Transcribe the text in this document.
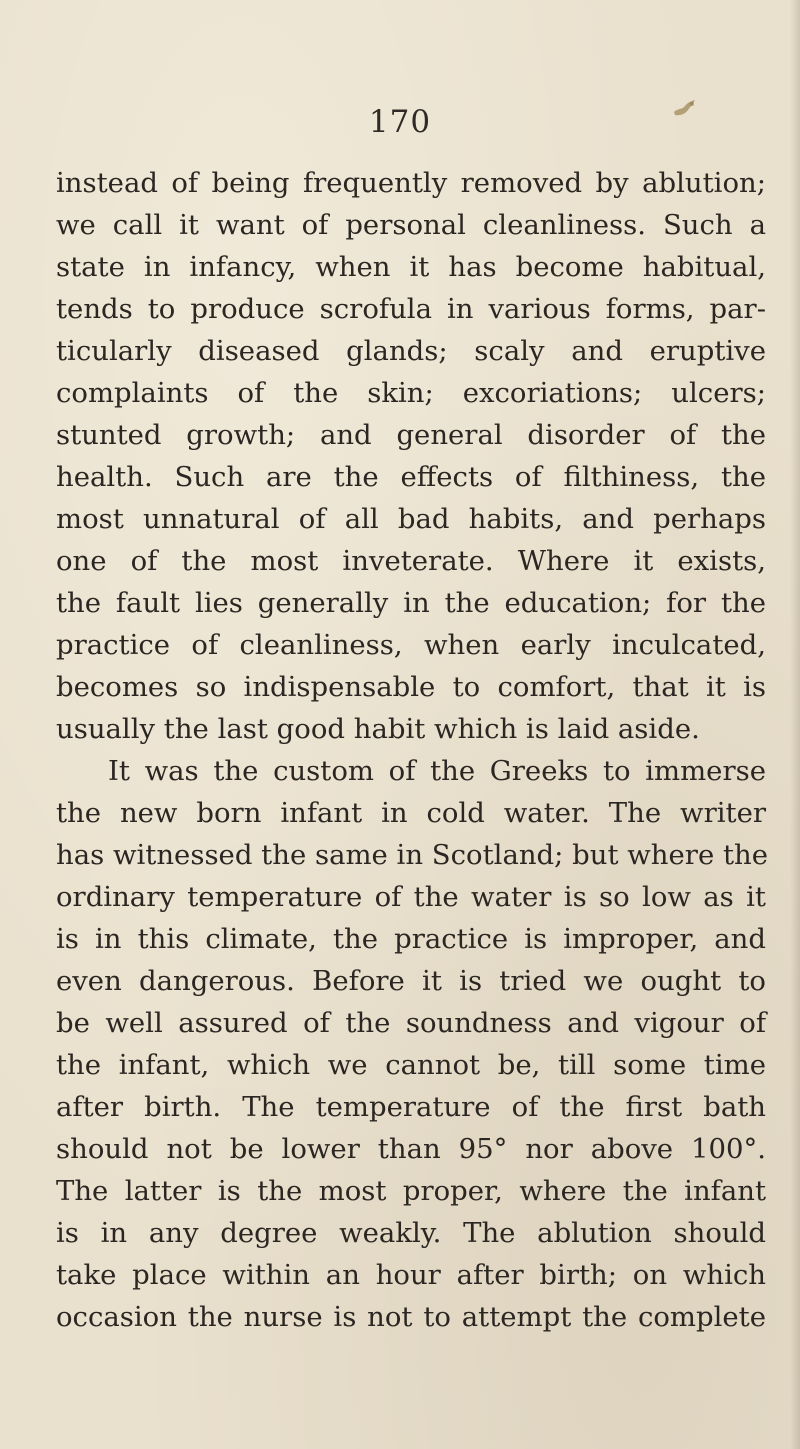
170
instead of being frequently removed by ablution;
we call it want of personal cleanliness. Such a
state in infancy, when it has become habitual,
tends to produce scrofula in various forms, par-
ticularly diseased glands; scaly and eruptive
complaints of the skin; excoriations; ulcers;
stunted growth; and general disorder of the
health. Such are the effects of filthiness, the
most unnatural of all bad habits, and perhaps
one of the most inveterate. Where it exists,
the fault lies generally in the education; for the
practice of cleanliness, when early inculcated,
becomes so indispensable to comfort, that it is
usually the last good habit which is laid aside.
It was the custom of the Greeks to immerse
the new born infant in cold water. The writer
has witnessed the same in Scotland; but where the
ordinary temperature of the water is so low as it
is in this climate, the practice is improper, and
even dangerous. Before it is tried we ought to
be well assured of the soundness and vigour of
the infant, which we cannot be, till some time
after birth. The temperature of the first bath
should not be lower than 95° nor above 100°.
The latter is the most proper, where the infant
is in any degree weakly. The ablution should
take place within an hour after birth; on which
occasion the nurse is not to attempt the complete
